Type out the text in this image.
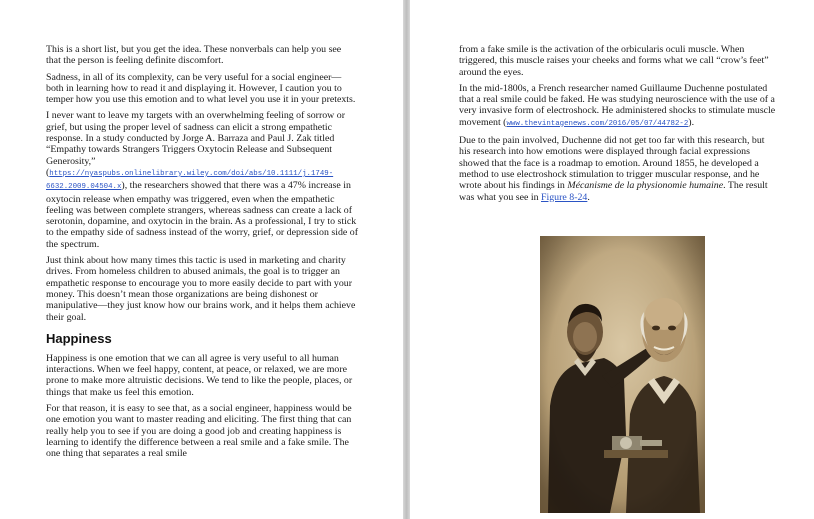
This is a short list, but you get the idea. These nonverbals can help you see that the person is feeling definite discomfort.

Sadness, in all of its complexity, can be very useful for a social engineer—both in learning how to read it and displaying it. However, I caution you to temper how you use this emotion and to what level you use it in your pretexts.

I never want to leave my targets with an overwhelming feeling of sorrow or grief, but using the proper level of sadness can elicit a strong empathetic response. In a study conducted by Jorge A. Barraza and Paul J. Zak titled “Empathy towards Strangers Triggers Oxytocin Release and Subsequent Generosity,” (https://nyaspubs.onlinelibrary.wiley.com/doi/abs/10.1111/j.1749-6632.2009.04504.x), the researchers showed that there was a 47% increase in oxytocin release when empathy was triggered, even when the empathetic feeling was between complete strangers, whereas sadness can create a lack of serotonin, dopamine, and oxytocin in the brain. As a professional, I try to stick to the empathy side of sadness instead of the worry, grief, or depression side of the spectrum.

Just think about how many times this tactic is used in marketing and charity drives. From homeless children to abused animals, the goal is to trigger an empathetic response to encourage you to more easily decide to part with your money. This doesn’t mean those organizations are being dishonest or manipulative—they just know how our brains work, and it helps them achieve their goal.

Happiness

Happiness is one emotion that we can all agree is very useful to all human interactions. When we feel happy, content, at peace, or relaxed, we are more prone to make more altruistic decisions. We tend to like the people, places, or things that make us feel this emotion.

For that reason, it is easy to see that, as a social engineer, happiness would be one emotion you want to master reading and eliciting. The first thing that can really help you to see if you are doing a good job and creating happiness is learning to identify the difference between a real smile and a fake smile. The one thing that separates a real smile

from a fake smile is the activation of the orbicularis oculi muscle. When triggered, this muscle raises your cheeks and forms what we call “crow’s feet” around the eyes.

In the mid-1800s, a French researcher named Guillaume Duchenne postulated that a real smile could be faked. He was studying neuroscience with the use of a very invasive form of electroshock. He administered shocks to stimulate muscle movement (www.thevintagenews.com/2016/05/07/44782-2).

Due to the pain involved, Duchenne did not get too far with this research, but his research into how emotions were displayed through facial expressions showed that the face is a roadmap to emotion. Around 1855, he developed a method to use electroshock stimulation to trigger muscular response, and he wrote about his findings in Mécanisme de la physionomie humaine. The result was what you see in Figure 8-24.
